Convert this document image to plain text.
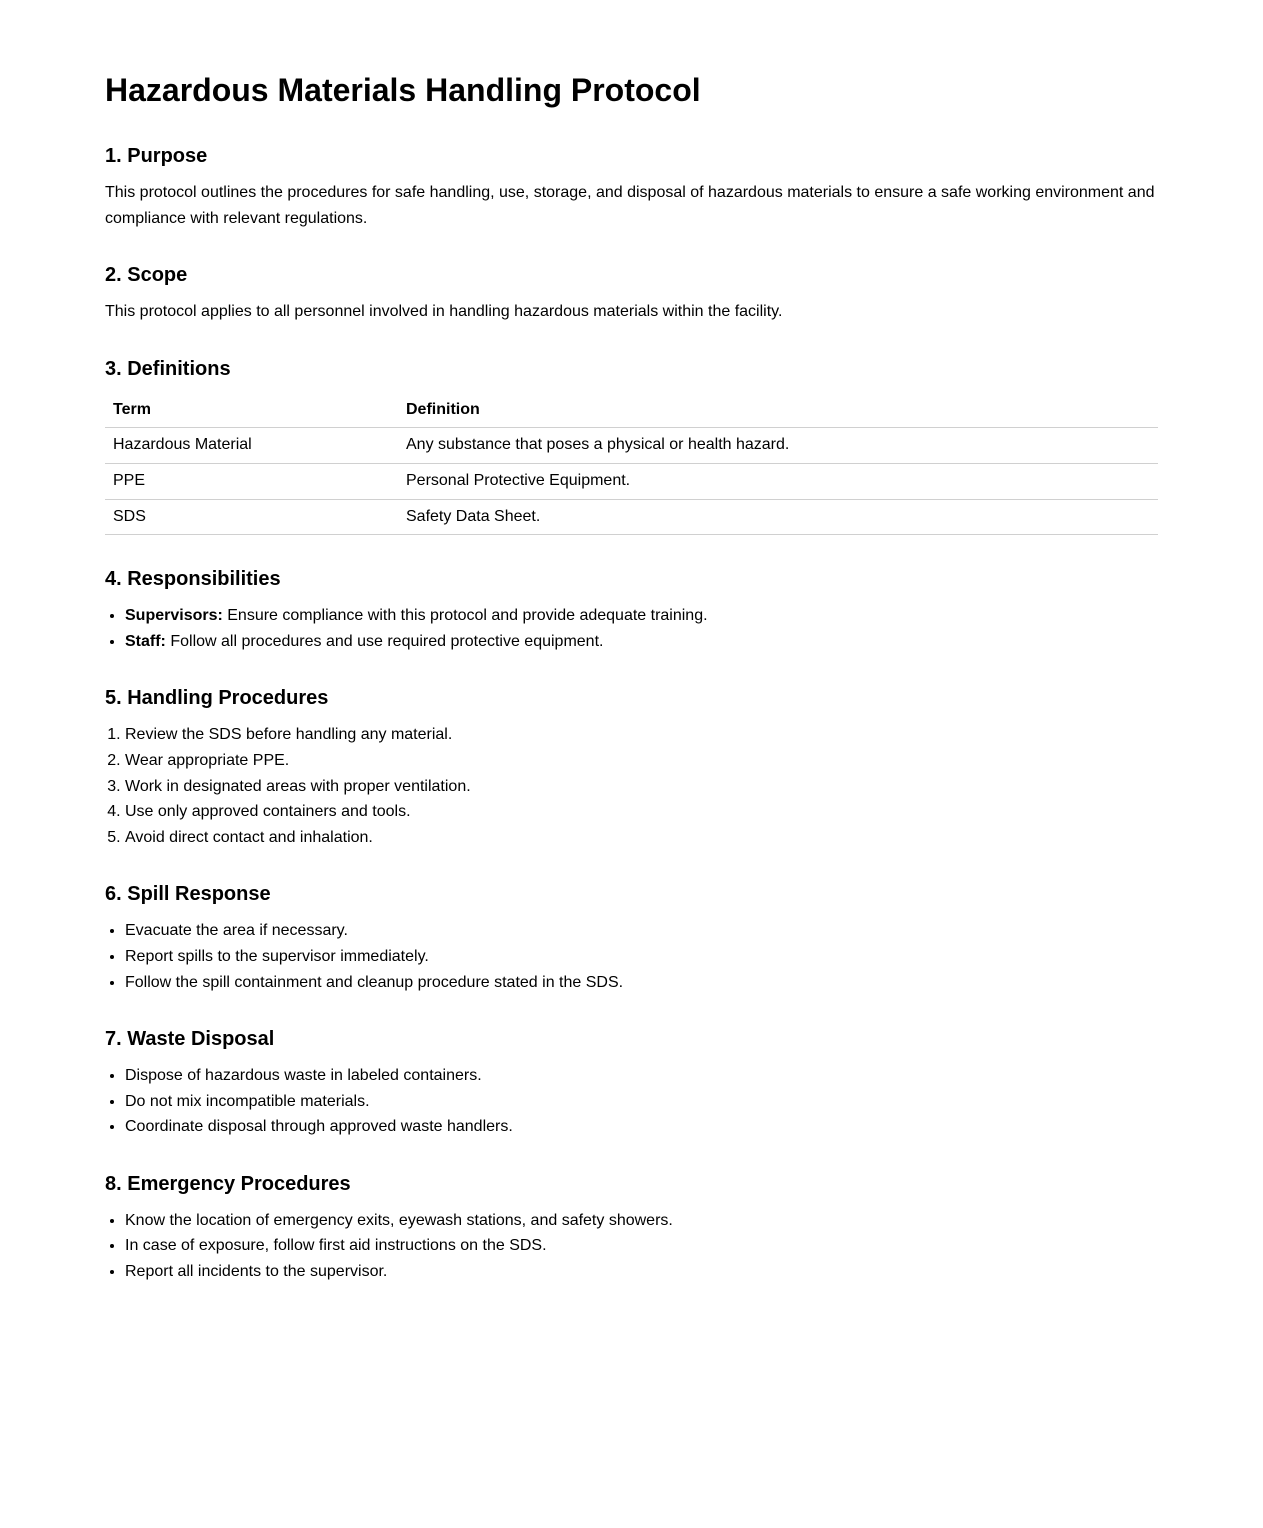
Hazardous Materials Handling Protocol
1. Purpose

This protocol outlines the procedures for safe handling, use, storage, and disposal of hazardous materials to ensure a safe working environment and compliance with relevant regulations.

2. Scope

This protocol applies to all personnel involved in handling hazardous materials within the facility.

3. Definitions
Term	Definition
Hazardous Material	Any substance that poses a physical or health hazard.
PPE	Personal Protective Equipment.
SDS	Safety Data Sheet.
4. Responsibilities
• Supervisors: Ensure compliance with this protocol and provide adequate training.
• Staff: Follow all procedures and use required protective equipment.
5. Handling Procedures
1. Review the SDS before handling any material.
2. Wear appropriate PPE.
3. Work in designated areas with proper ventilation.
4. Use only approved containers and tools.
5. Avoid direct contact and inhalation.
6. Spill Response
• Evacuate the area if necessary.
• Report spills to the supervisor immediately.
• Follow the spill containment and cleanup procedure stated in the SDS.
7. Waste Disposal
• Dispose of hazardous waste in labeled containers.
• Do not mix incompatible materials.
• Coordinate disposal through approved waste handlers.
8. Emergency Procedures
• Know the location of emergency exits, eyewash stations, and safety showers.
• In case of exposure, follow first aid instructions on the SDS.
• Report all incidents to the supervisor.
